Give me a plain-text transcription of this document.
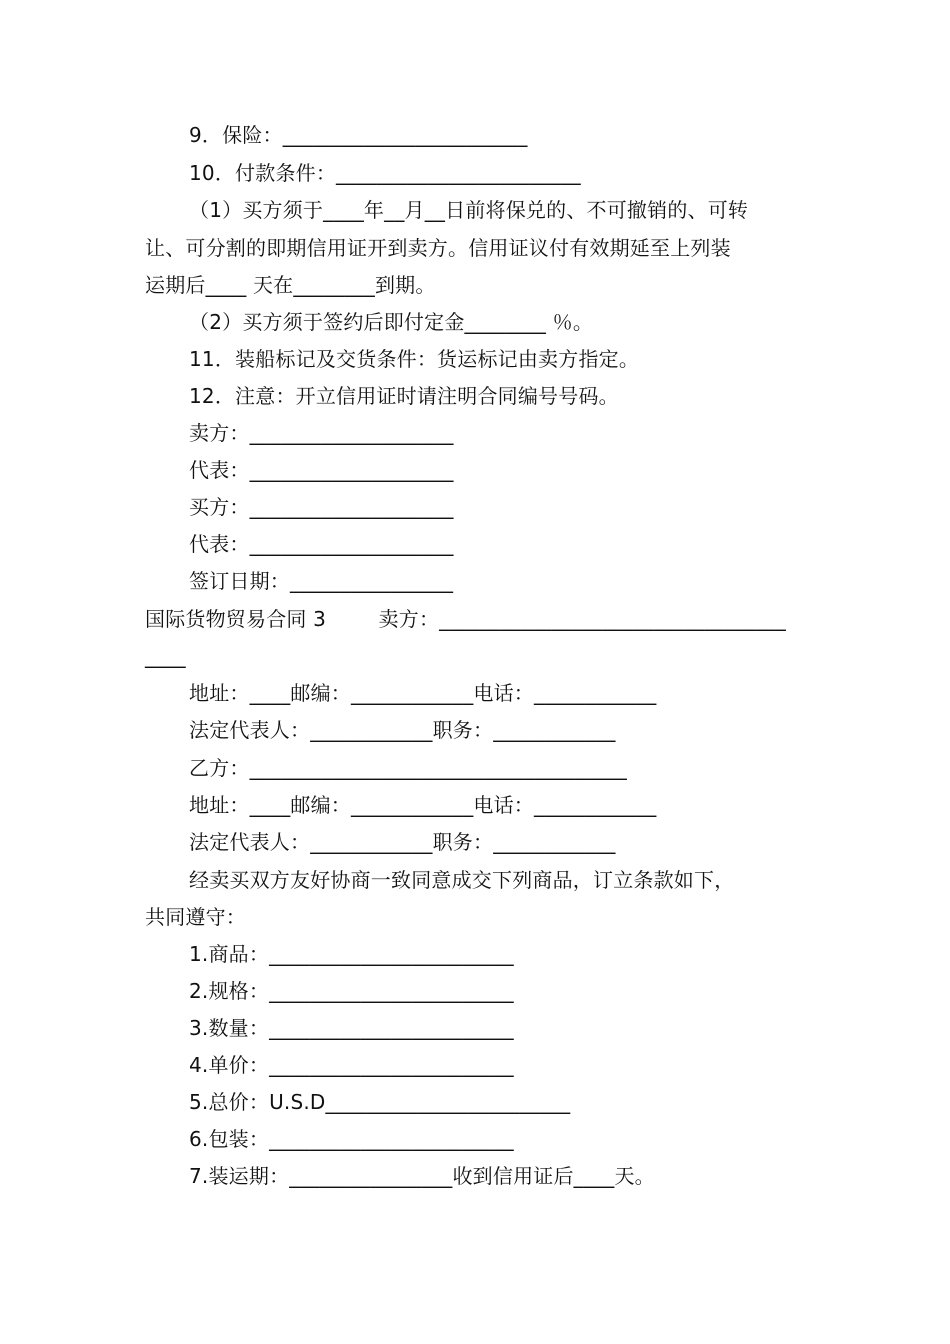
9．保险：________________________
10．付款条件：________________________
（1）买方须于____年__月__日前将保兑的、不可撤销的、可转
让、可分割的即期信用证开到卖方。信用证议付有效期延至上列装
运期后____ 天在________到期。
（2）买方须于签约后即付定金________ ％。
11．装船标记及交货条件：货运标记由卖方指定。
12．注意：开立信用证时请注明合同编号号码。
卖方：____________________
代表：____________________
买方：____________________
代表：____________________
签订日期：________________
国际货物贸易合同 3        卖方：__________________________________
____
地址：____邮编：____________电话：____________
法定代表人：____________职务：____________
乙方：_____________________________________
地址：____邮编：____________电话：____________
法定代表人：____________职务：____________
经卖买双方友好协商一致同意成交下列商品，订立条款如下，
共同遵守：
1.商品：________________________
2.规格：________________________
3.数量：________________________
4.单价：________________________
5.总价：U.S.D________________________
6.包装：________________________
7.装运期：________________收到信用证后____天。
